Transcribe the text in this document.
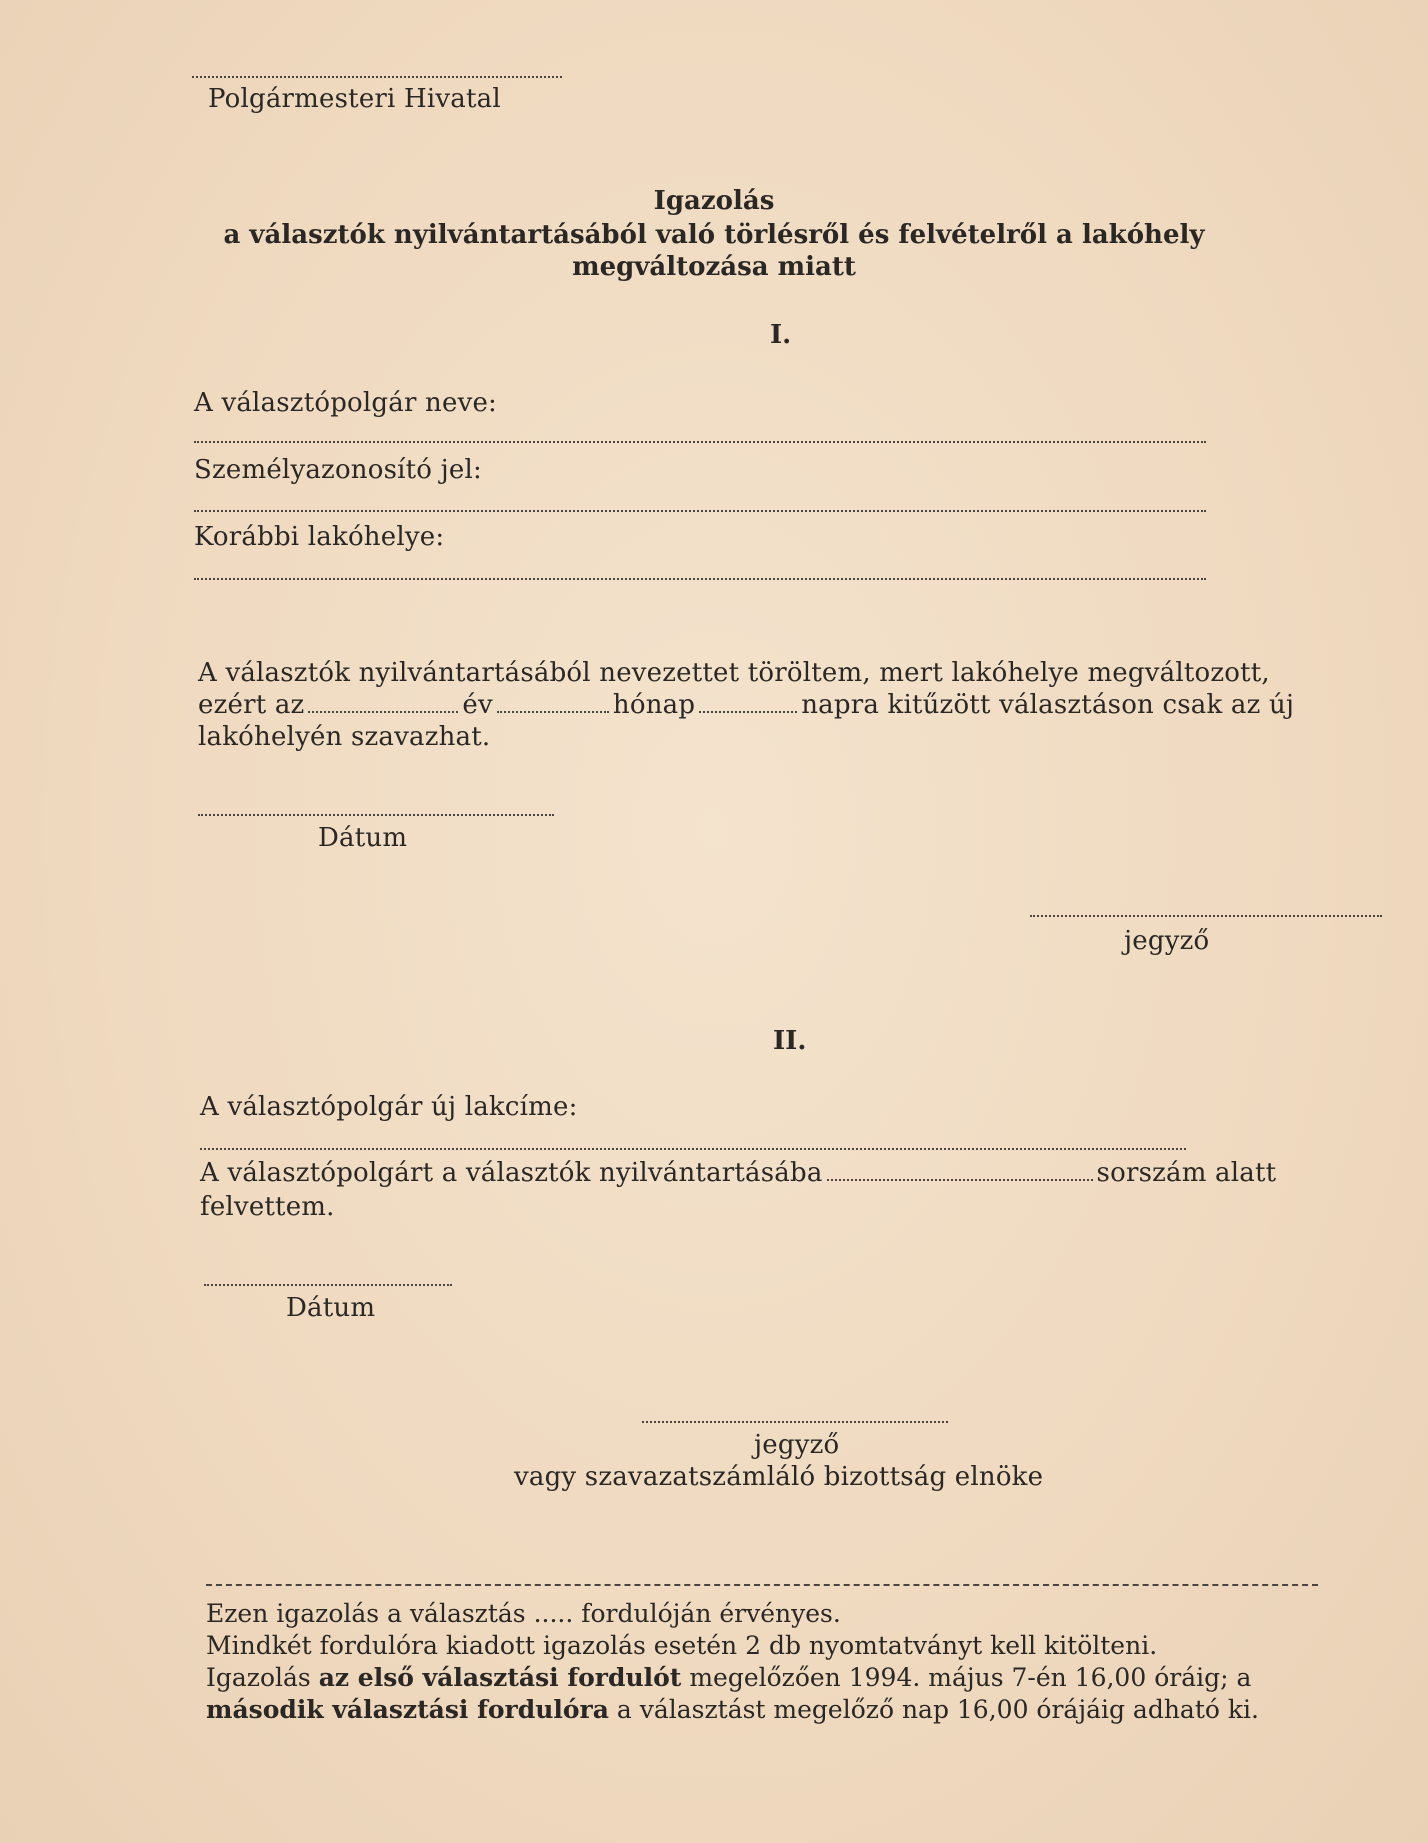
Polgármesteri Hivatal
Igazolás
a választók nyilvántartásából való törlésről és felvételről a lakóhely
megváltozása miatt
I.
A választópolgár neve:
Személyazonosító jel:
Korábbi lakóhelye:
A választók nyilvántartásából nevezettet töröltem, mert lakóhelye megváltozott,
ezért az	év	hónap	napra kitűzött választáson csak az új
lakóhelyén szavazhat.
Dátum
jegyző
II.
A választópolgár új lakcíme:
A választópolgárt a választók nyilvántartásába	sorszám alatt
felvettem.
Dátum
jegyző
vagy szavazatszámláló bizottság elnöke
Ezen igazolás a választás ..... fordulóján érvényes.
Mindkét fordulóra kiadott igazolás esetén 2 db nyomtatványt kell kitölteni.
Igazolás az első választási fordulót megelőzően 1994. május 7-én 16,00 óráig; a
második választási fordulóra a választást megelőző nap 16,00 órájáig adható ki.
